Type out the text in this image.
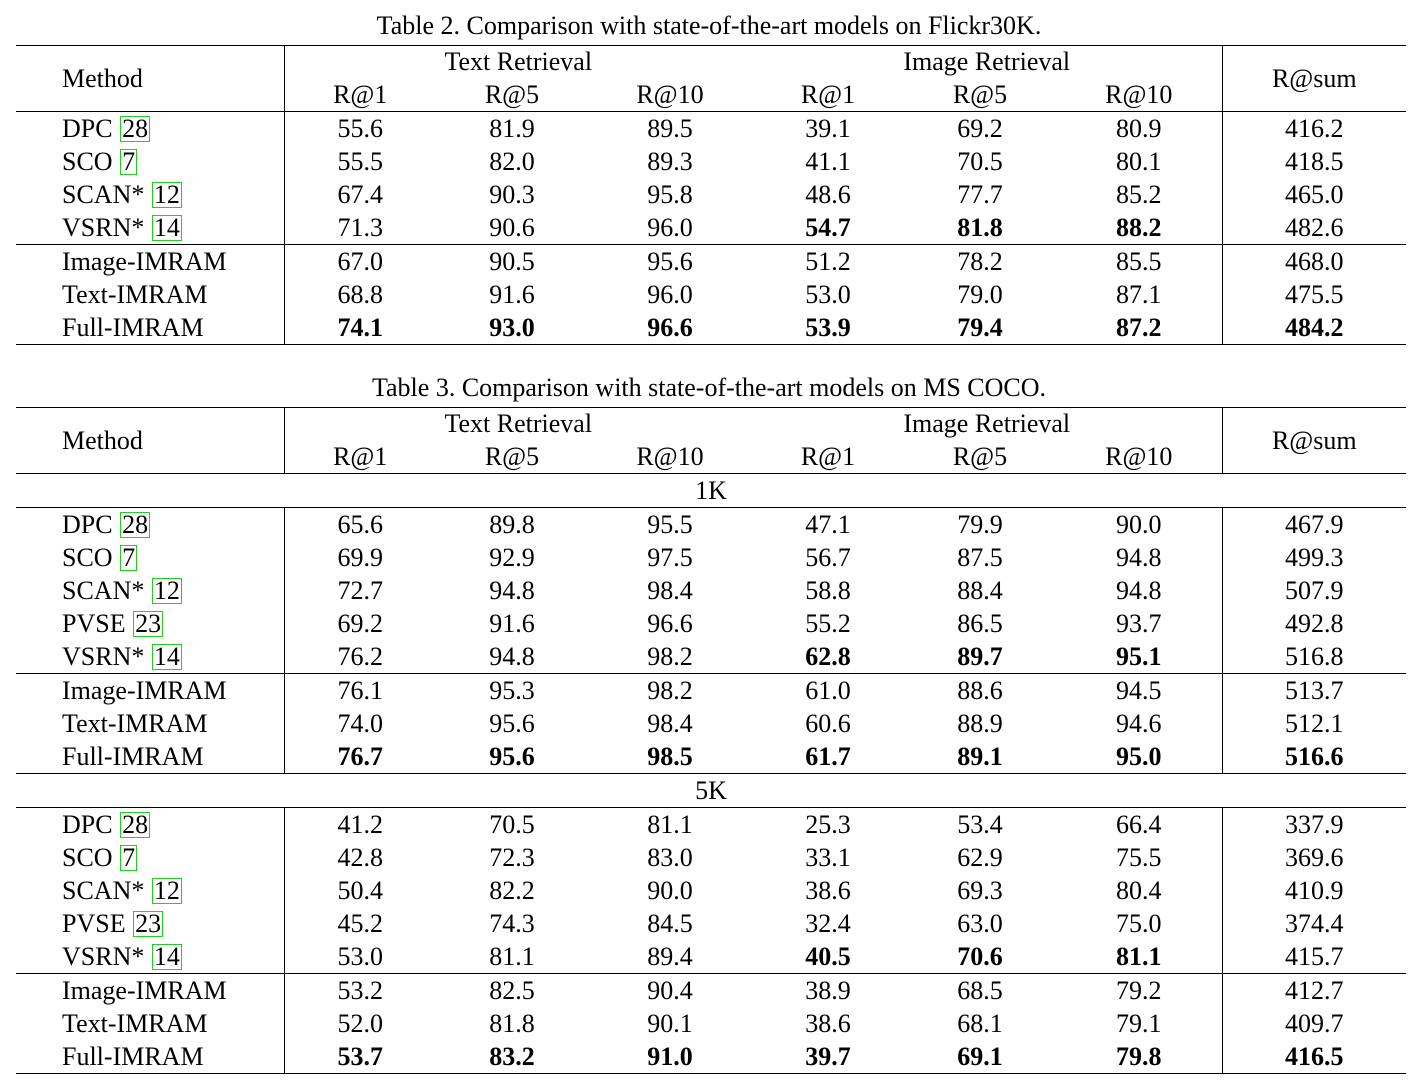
Table 2. Comparison with state-of-the-art models on Flickr30K.
Method	Text Retrieval			Image Retrieval			R@sum
	R@1	R@5	R@10	R@1	R@5	R@10	
DPC 28	55.6	81.9	89.5	39.1	69.2	80.9	416.2
SCO 7	55.5	82.0	89.3	41.1	70.5	80.1	418.5
SCAN* 12	67.4	90.3	95.8	48.6	77.7	85.2	465.0
VSRN* 14	71.3	90.6	96.0	54.7	81.8	88.2	482.6
Image-IMRAM	67.0	90.5	95.6	51.2	78.2	85.5	468.0
Text-IMRAM	68.8	91.6	96.0	53.0	79.0	87.1	475.5
Full-IMRAM	74.1	93.0	96.6	53.9	79.4	87.2	484.2
Table 3. Comparison with state-of-the-art models on MS COCO.
Method	Text Retrieval			Image Retrieval			R@sum
	R@1	R@5	R@10	R@1	R@5	R@10	
1K							
DPC 28	65.6	89.8	95.5	47.1	79.9	90.0	467.9
SCO 7	69.9	92.9	97.5	56.7	87.5	94.8	499.3
SCAN* 12	72.7	94.8	98.4	58.8	88.4	94.8	507.9
PVSE 23	69.2	91.6	96.6	55.2	86.5	93.7	492.8
VSRN* 14	76.2	94.8	98.2	62.8	89.7	95.1	516.8
Image-IMRAM	76.1	95.3	98.2	61.0	88.6	94.5	513.7
Text-IMRAM	74.0	95.6	98.4	60.6	88.9	94.6	512.1
Full-IMRAM	76.7	95.6	98.5	61.7	89.1	95.0	516.6
5K							
DPC 28	41.2	70.5	81.1	25.3	53.4	66.4	337.9
SCO 7	42.8	72.3	83.0	33.1	62.9	75.5	369.6
SCAN* 12	50.4	82.2	90.0	38.6	69.3	80.4	410.9
PVSE 23	45.2	74.3	84.5	32.4	63.0	75.0	374.4
VSRN* 14	53.0	81.1	89.4	40.5	70.6	81.1	415.7
Image-IMRAM	53.2	82.5	90.4	38.9	68.5	79.2	412.7
Text-IMRAM	52.0	81.8	90.1	38.6	68.1	79.1	409.7
Full-IMRAM	53.7	83.2	91.0	39.7	69.1	79.8	416.5
